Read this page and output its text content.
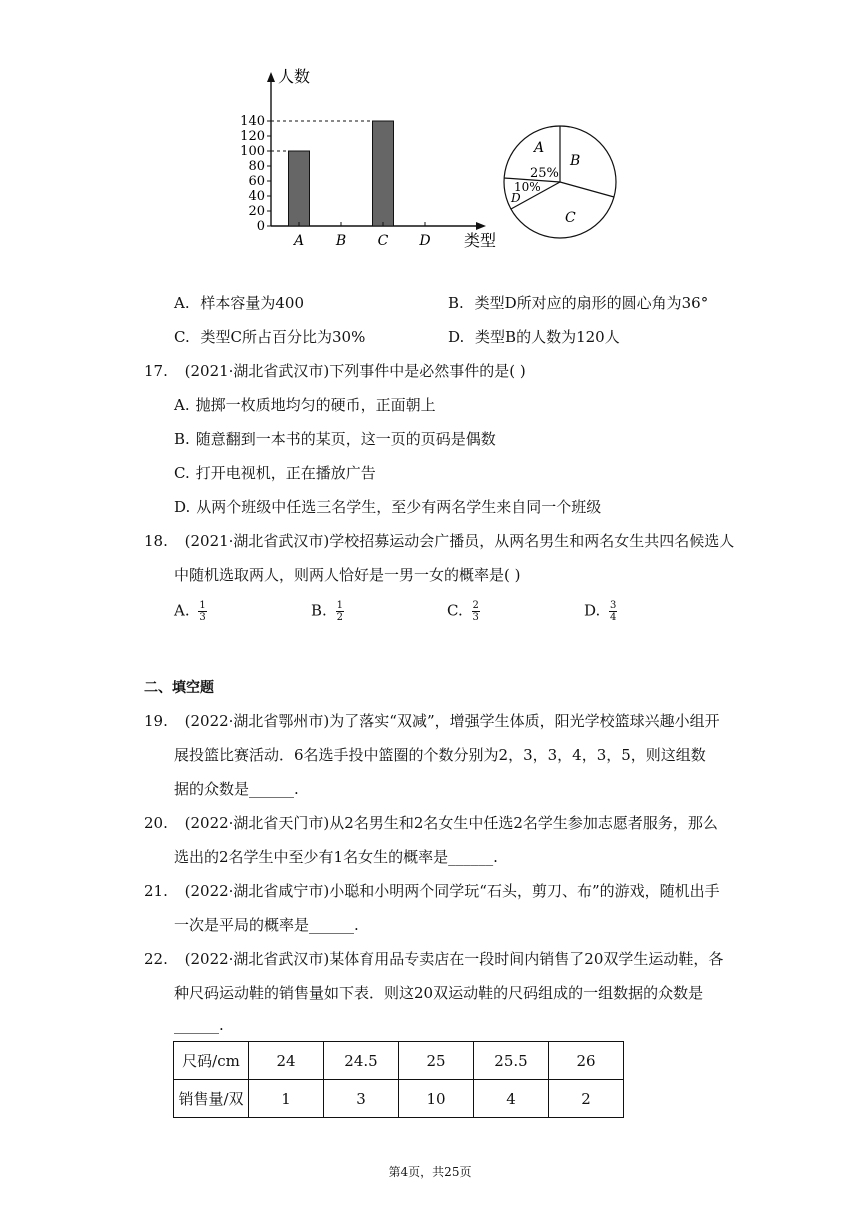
人数
类型
0
20
40
60
80
100
120
140
A B C D
A
B
C
D
25%
10%
A. 样本容量为400	B. 类型D所对应的扇形的圆心角为36°
C. 类型C所占百分比为30%	D. 类型B的人数为120人
17. (2021·湖北省武汉市)下列事件中是必然事件的是( )
A. 抛掷一枚质地均匀的硬币，正面朝上
B. 随意翻到一本书的某页，这一页的页码是偶数
C. 打开电视机，正在播放广告
D. 从两个班级中任选三名学生，至少有两名学生来自同一个班级
18. (2021·湖北省武汉市)学校招募运动会广播员，从两名男生和两名女生共四名候选人
中随机选取两人，则两人恰好是一男一女的概率是( )
A. $\frac{1}{3}$	B. $\frac{1}{2}$	C. $\frac{2}{3}$	D. $\frac{3}{4}$
二、填空题
19. (2022·湖北省鄂州市)为了落实“双减”，增强学生体质，阳光学校篮球兴趣小组开
展投篮比赛活动．6名选手投中篮圈的个数分别为2，3，3，4，3，5，则这组数
据的众数是______.
20. (2022·湖北省天门市)从2名男生和2名女生中任选2名学生参加志愿者服务，那么
选出的2名学生中至少有1名女生的概率是______.
21. (2022·湖北省咸宁市)小聪和小明两个同学玩“石头，剪刀、布”的游戏，随机出手
一次是平局的概率是______.
22. (2022·湖北省武汉市)某体育用品专卖店在一段时间内销售了20双学生运动鞋，各
种尺码运动鞋的销售量如下表．则这20双运动鞋的尺码组成的一组数据的众数是
______.
尺码/cm	24	24.5	25	25.5	26
销售量/双	1	3	10	4	2
第4页，共25页
